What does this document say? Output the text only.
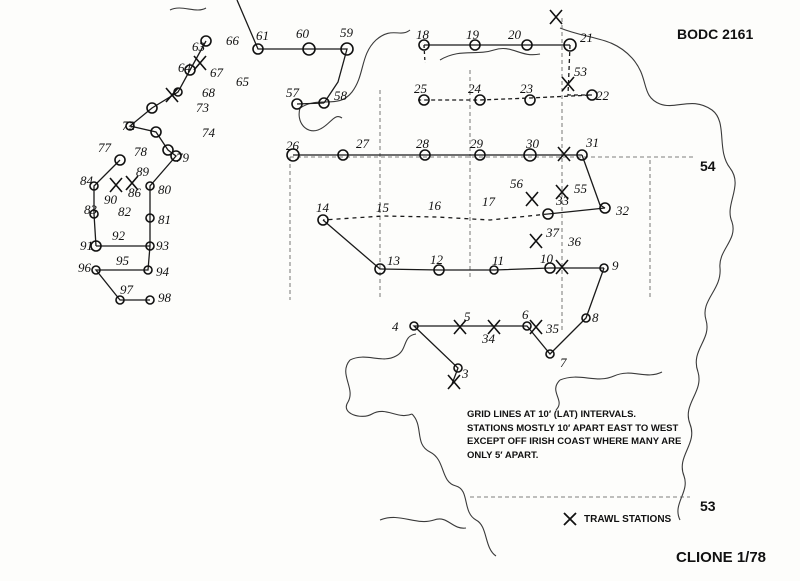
3
4
5	6
7
8
9
10
11
12
13
14	15	16	17
18	19 20	21
22
23
24
25
26	27	28	29	30	31
32
33
34
35
36
37
53
55
56
57	58
59
60
61
63
64
65
66
67
68
72
73
74
77 78 79
80
81
82
83
84
86
89
90
91
92
93
94
95
96
97
98
BODC 2161
54
53
GRID LINES AT 10′ (LAT) INTERVALS.
STATIONS MOSTLY 10′ APART EAST TO WEST
EXCEPT OFF IRISH COAST WHERE MANY ARE
ONLY 5′ APART.
TRAWL STATIONS
CLIONE 1/78
